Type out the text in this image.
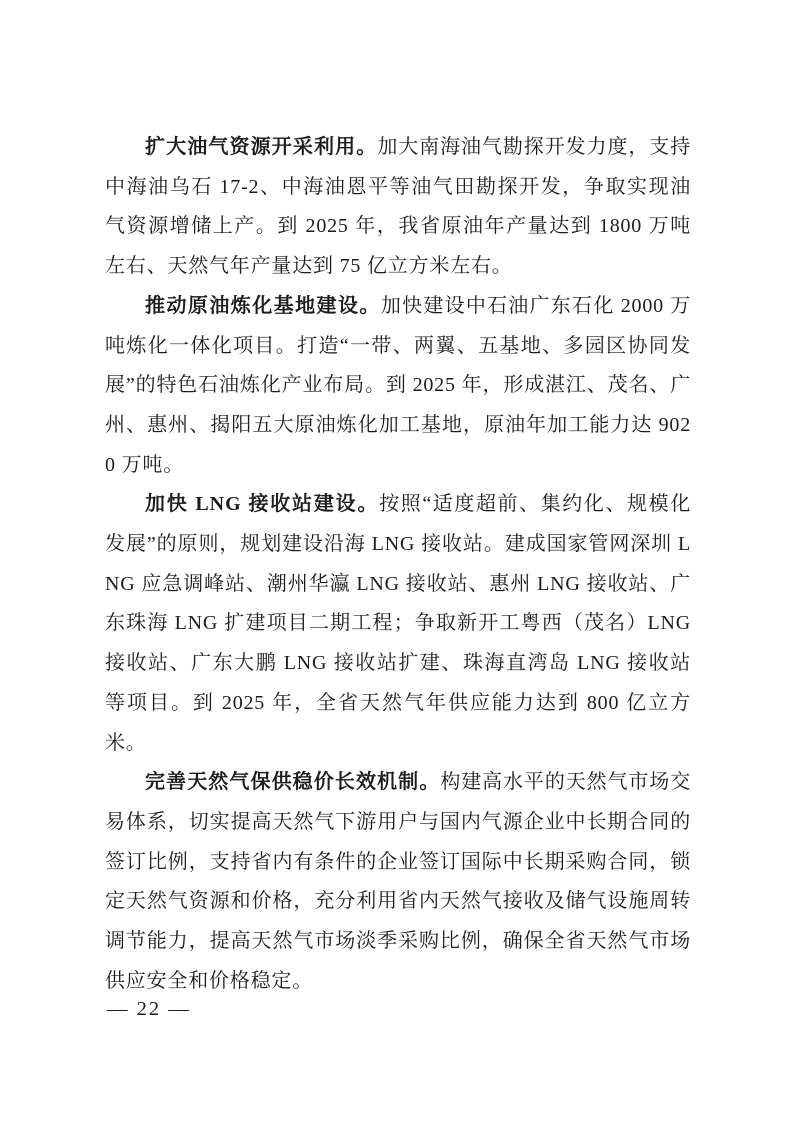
扩大油气资源开采利用。加大南海油气勘探开发力度，支持中海油乌石 17-2、中海油恩平等油气田勘探开发，争取实现油气资源增储上产。到 2025 年，我省原油年产量达到 1800 万吨左右、天然气年产量达到 75 亿立方米左右。

推动原油炼化基地建设。加快建设中石油广东石化 2000 万吨炼化一体化项目。打造“一带、两翼、五基地、多园区协同发展”的特色石油炼化产业布局。到 2025 年，形成湛江、茂名、广州、惠州、揭阳五大原油炼化加工基地，原油年加工能力达 9020 万吨。

加快 LNG 接收站建设。按照“适度超前、集约化、规模化发展”的原则，规划建设沿海 LNG 接收站。建成国家管网深圳 LNG 应急调峰站、潮州华瀛 LNG 接收站、惠州 LNG 接收站、广东珠海 LNG 扩建项目二期工程；争取新开工粤西（茂名）LNG 接收站、广东大鹏 LNG 接收站扩建、珠海直湾岛 LNG 接收站等项目。到 2025 年，全省天然气年供应能力达到 800 亿立方米。

完善天然气保供稳价长效机制。构建高水平的天然气市场交易体系，切实提高天然气下游用户与国内气源企业中长期合同的签订比例，支持省内有条件的企业签订国际中长期采购合同，锁定天然气资源和价格，充分利用省内天然气接收及储气设施周转调节能力，提高天然气市场淡季采购比例，确保全省天然气市场供应安全和价格稳定。

— 22 —
